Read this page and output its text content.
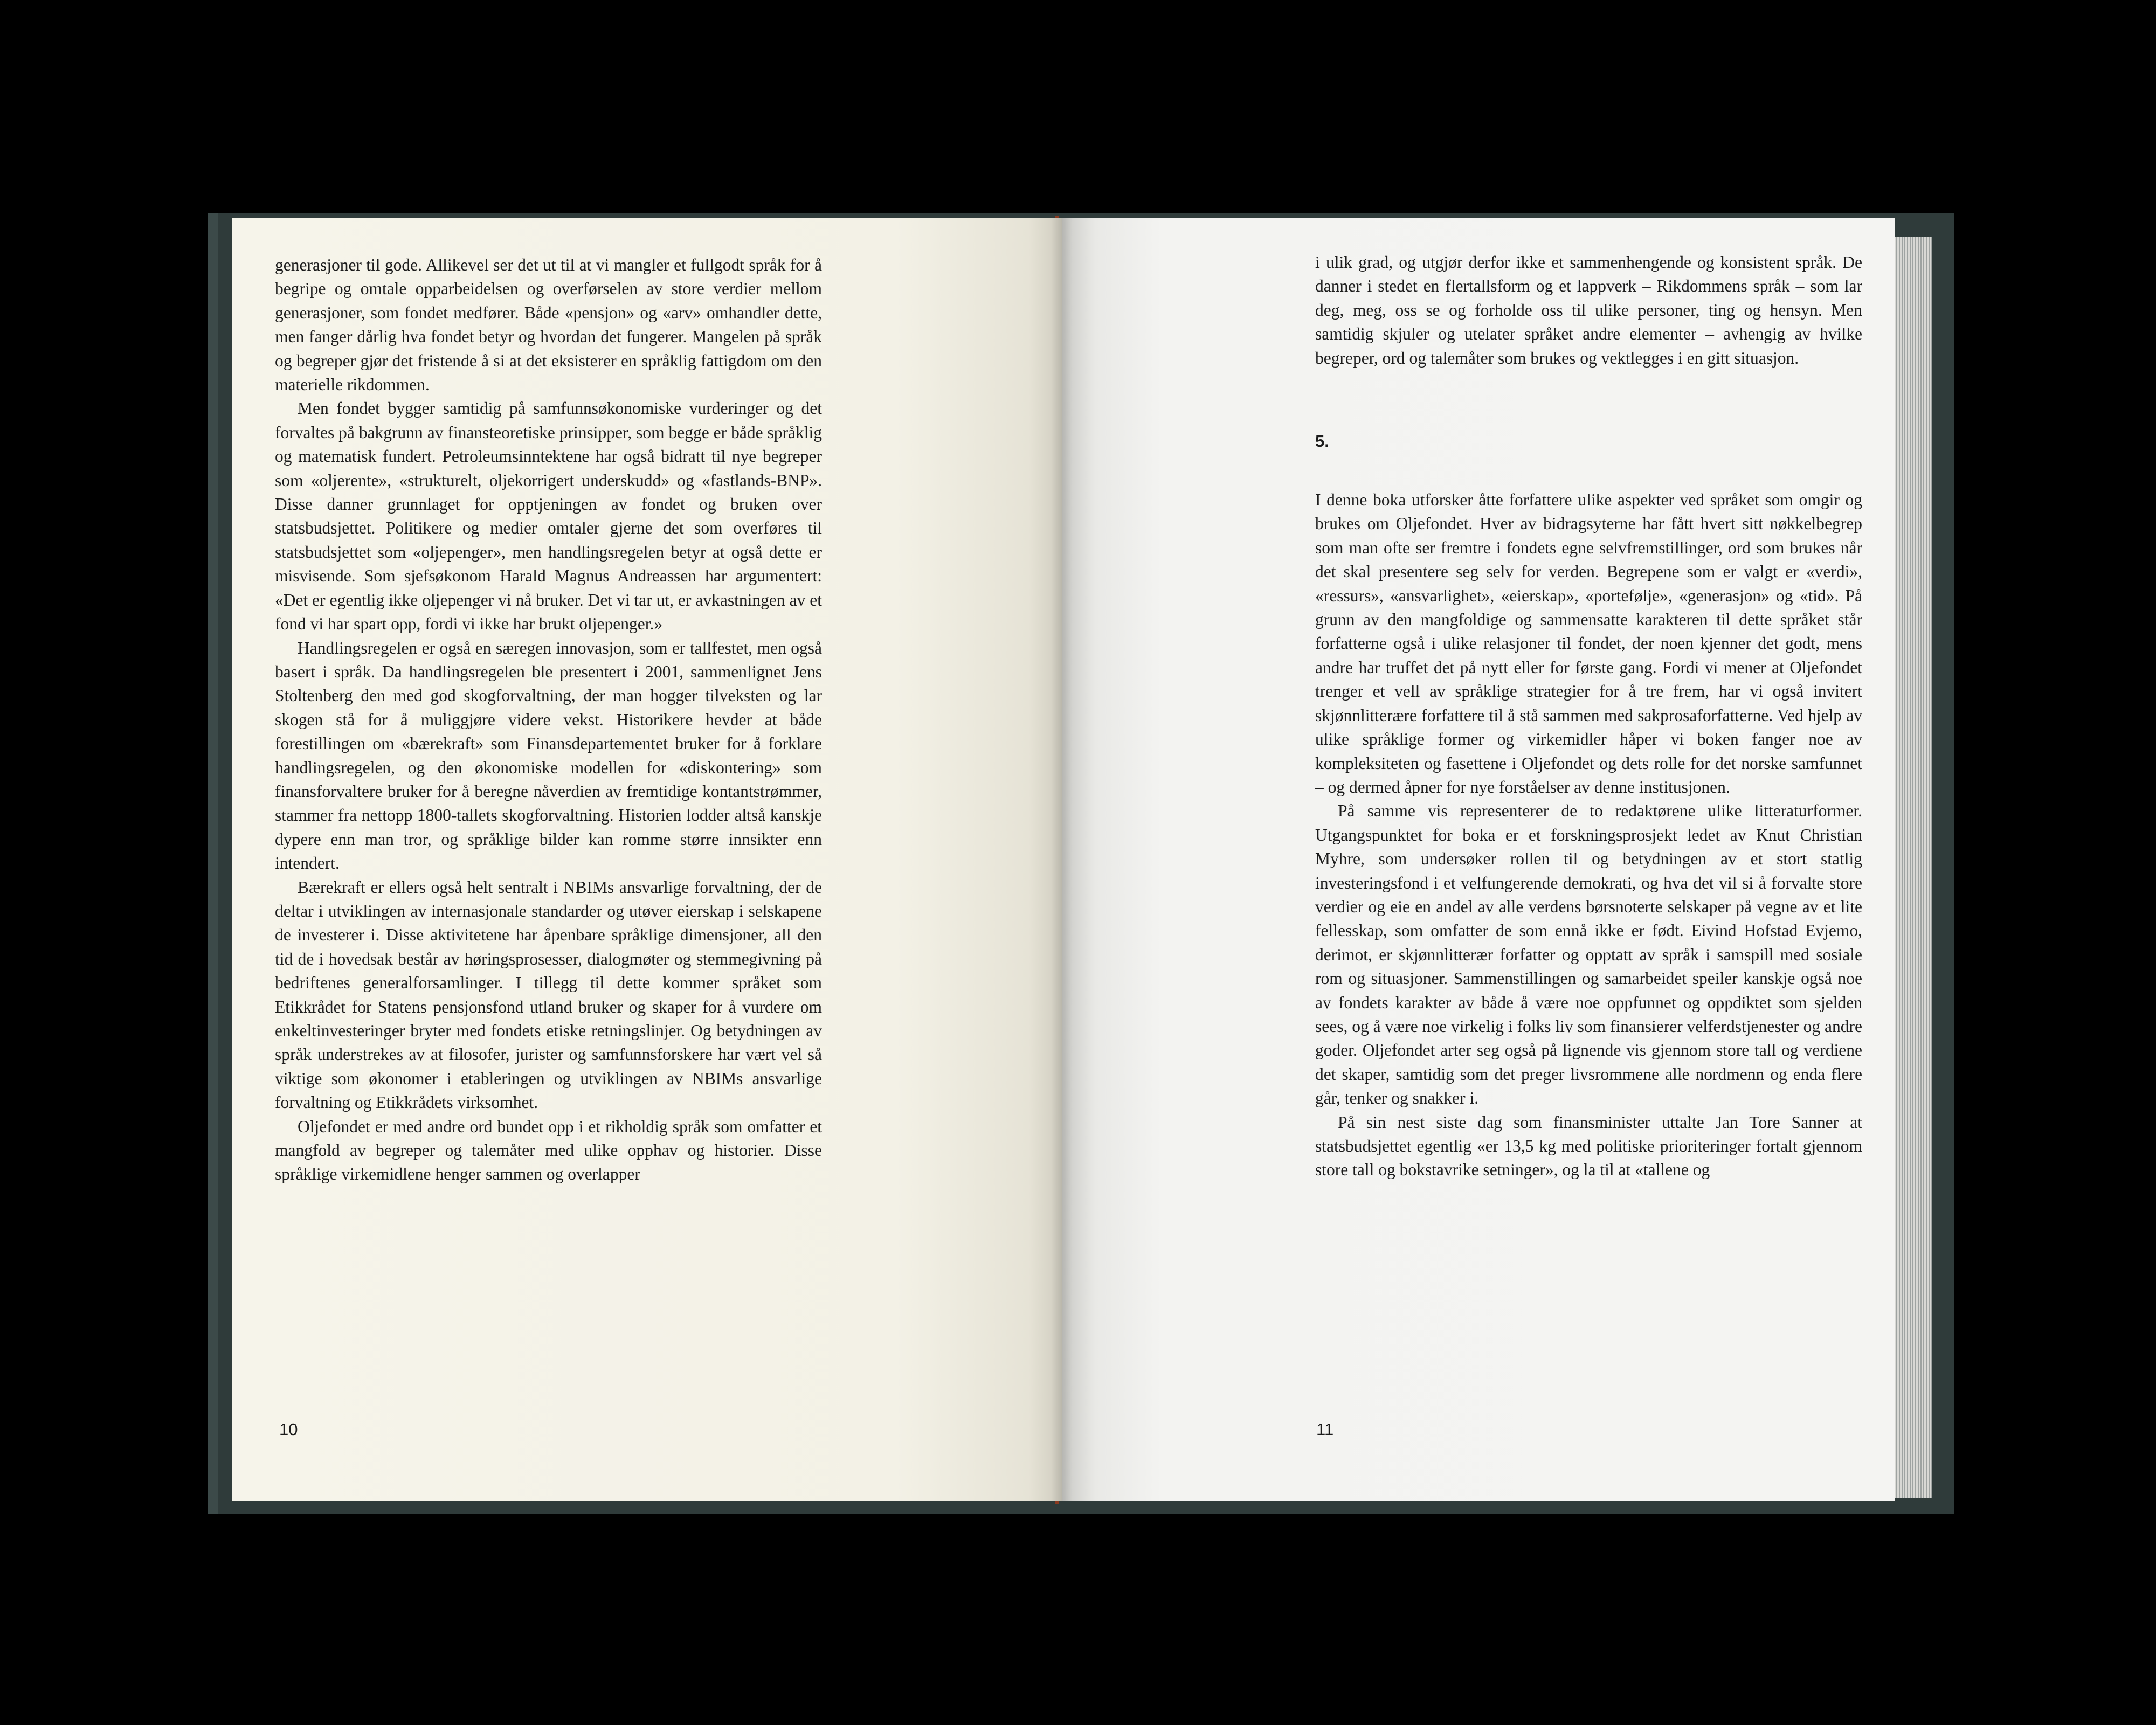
generasjoner til gode. Allikevel ser det ut til at vi mangler et fullgodt språk for å begripe og omtale opparbeidelsen og overførselen av store verdier mellom generasjoner, som fondet medfører. Både «pensjon» og «arv» omhandler dette, men fanger dårlig hva fondet betyr og hvordan det fungerer. Mangelen på språk og begreper gjør det fristende å si at det eksisterer en språklig fattigdom om den materielle rikdommen.

Men fondet bygger samtidig på samfunnsøkonomiske vurderinger og det forvaltes på bakgrunn av finansteoretiske prinsipper, som begge er både språklig og matematisk fundert. Petroleumsinntektene har også bidratt til nye begreper som «oljerente», «strukturelt, oljekorrigert underskudd» og «fastlands-BNP». Disse danner grunnlaget for opptjeningen av fondet og bruken over statsbudsjettet. Politikere og medier omtaler gjerne det som overføres til statsbudsjettet som «oljepenger», men handlingsregelen betyr at også dette er misvisende. Som sjefsøkonom Harald Magnus Andreassen har argumentert: «Det er egentlig ikke oljepenger vi nå bruker. Det vi tar ut, er avkastningen av et fond vi har spart opp, fordi vi ikke har brukt oljepenger.»

Handlingsregelen er også en særegen innovasjon, som er tallfestet, men også basert i språk. Da handlingsregelen ble presentert i 2001, sammenlignet Jens Stoltenberg den med god skogforvaltning, der man hogger tilveksten og lar skogen stå for å muliggjøre videre vekst. Historikere hevder at både forestillingen om «bærekraft» som Finansdepartementet bruker for å forklare handlingsregelen, og den økonomiske modellen for «diskontering» som finansforvaltere bruker for å beregne nåverdien av fremtidige kontantstrømmer, stammer fra nettopp 1800-tallets skogforvaltning. Historien lodder altså kanskje dypere enn man tror, og språklige bilder kan romme større innsikter enn intendert.

Bærekraft er ellers også helt sentralt i NBIMs ansvarlige forvaltning, der de deltar i utviklingen av internasjonale standarder og utøver eierskap i selskapene de investerer i. Disse aktivitetene har åpenbare språklige dimensjoner, all den tid de i hovedsak består av høringsprosesser, dialogmøter og stemmegivning på bedriftenes generalforsamlinger. I tillegg til dette kommer språket som Etikkrådet for Statens pensjonsfond utland bruker og skaper for å vurdere om enkeltinvesteringer bryter med fondets etiske retningslinjer. Og betydningen av språk understrekes av at filosofer, jurister og samfunnsforskere har vært vel så viktige som økonomer i etableringen og utviklingen av NBIMs ansvarlige forvaltning og Etikkrådets virksomhet.

Oljefondet er med andre ord bundet opp i et rikholdig språk som omfatter et mangfold av begreper og talemåter med ulike opphav og historier. Disse språklige virkemidlene henger sammen og overlapper

10

i ulik grad, og utgjør derfor ikke et sammenhengende og konsistent språk. De danner i stedet en flertallsform og et lappverk – Rikdommens språk – som lar deg, meg, oss se og forholde oss til ulike personer, ting og hensyn. Men samtidig skjuler og utelater språket andre elementer – avhengig av hvilke begreper, ord og talemåter som brukes og vektlegges i en gitt situasjon.

5.

I denne boka utforsker åtte forfattere ulike aspekter ved språket som omgir og brukes om Oljefondet. Hver av bidragsyterne har fått hvert sitt nøkkelbegrep som man ofte ser fremtre i fondets egne selvfremstillinger, ord som brukes når det skal presentere seg selv for verden. Begrepene som er valgt er «verdi», «ressurs», «ansvarlighet», «eierskap», «portefølje», «generasjon» og «tid». På grunn av den mangfoldige og sammensatte karakteren til dette språket står forfatterne også i ulike relasjoner til fondet, der noen kjenner det godt, mens andre har truffet det på nytt eller for første gang. Fordi vi mener at Oljefondet trenger et vell av språklige strategier for å tre frem, har vi også invitert skjønnlitterære forfattere til å stå sammen med sakprosaforfatterne. Ved hjelp av ulike språklige former og virkemidler håper vi boken fanger noe av kompleksiteten og fasettene i Oljefondet og dets rolle for det norske samfunnet – og dermed åpner for nye forståelser av denne institusjonen.

På samme vis representerer de to redaktørene ulike litteraturformer. Utgangspunktet for boka er et forskningsprosjekt ledet av Knut Christian Myhre, som undersøker rollen til og betydningen av et stort statlig investeringsfond i et velfungerende demokrati, og hva det vil si å forvalte store verdier og eie en andel av alle verdens børsnoterte selskaper på vegne av et lite fellesskap, som omfatter de som ennå ikke er født. Eivind Hofstad Evjemo, derimot, er skjønnlitterær forfatter og opptatt av språk i samspill med sosiale rom og situasjoner. Sammenstillingen og samarbeidet speiler kanskje også noe av fondets karakter av både å være noe oppfunnet og oppdiktet som sjelden sees, og å være noe virkelig i folks liv som finansierer velferdstjenester og andre goder. Oljefondet arter seg også på lignende vis gjennom store tall og verdiene det skaper, samtidig som det preger livsrommene alle nordmenn og enda flere går, tenker og snakker i.

På sin nest siste dag som finansminister uttalte Jan Tore Sanner at statsbudsjettet egentlig «er 13,5 kg med politiske prioriteringer fortalt gjennom store tall og bokstavrike setninger», og la til at «tallene og

11
